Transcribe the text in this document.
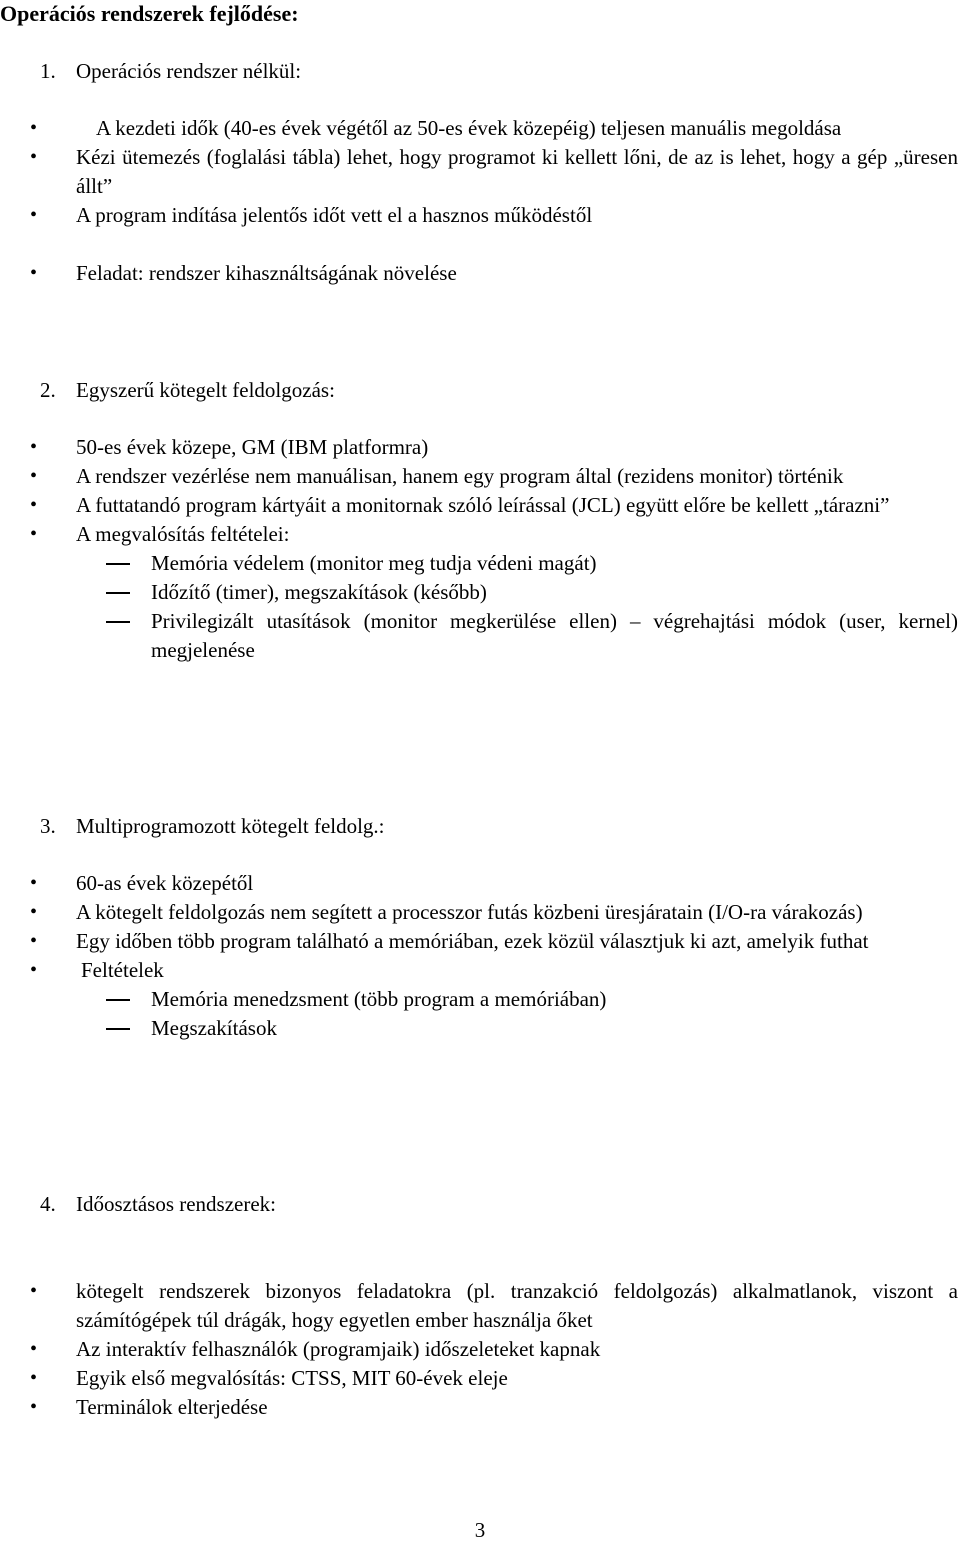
Operációs rendszerek fejlődése:
1. Operációs rendszer nélkül:
•	A kezdeti idők (40-es évek végétől az 50-es évek közepéig) teljesen manuális megoldása
• Kézi ütemezés (foglalási tábla) lehet, hogy programot ki kellett lőni, de az is lehet, hogy a gép „üresen állt”
• A program indítása jelentős időt vett el a hasznos működéstől
• Feladat: rendszer kihasználtságának növelése
2. Egyszerű kötegelt feldolgozás:
• 50-es évek közepe, GM (IBM platformra)
• A rendszer vezérlése nem manuálisan, hanem egy program által (rezidens monitor) történik
• A futtatandó program kártyáit a monitornak szóló leírással (JCL) együtt előre be kellett „tárazni”
• A megvalósítás feltételei:
Memória védelem (monitor meg tudja védeni magát)
Időzítő (timer), megszakítások (később)
Privilegizált utasítások (monitor megkerülése ellen) – végrehajtási módok (user, kernel) megjelenése
3. Multiprogramozott kötegelt feldolg.:
• 60-as évek közepétől
• A kötegelt feldolgozás nem segített a processzor futás közbeni üresjáratain (I/O-ra várakozás)
• Egy időben több program található a memóriában, ezek közül választjuk ki azt, amelyik futhat
• Feltételek
Memória menedzsment (több program a memóriában)
Megszakítások
4. Időosztásos rendszerek:
• kötegelt rendszerek bizonyos feladatokra (pl. tranzakció feldolgozás) alkalmatlanok, viszont a számítógépek túl drágák, hogy egyetlen ember használja őket
• Az interaktív felhasználók (programjaik) időszeleteket kapnak
• Egyik első megvalósítás: CTSS, MIT 60-évek eleje
• Terminálok elterjedése
3
